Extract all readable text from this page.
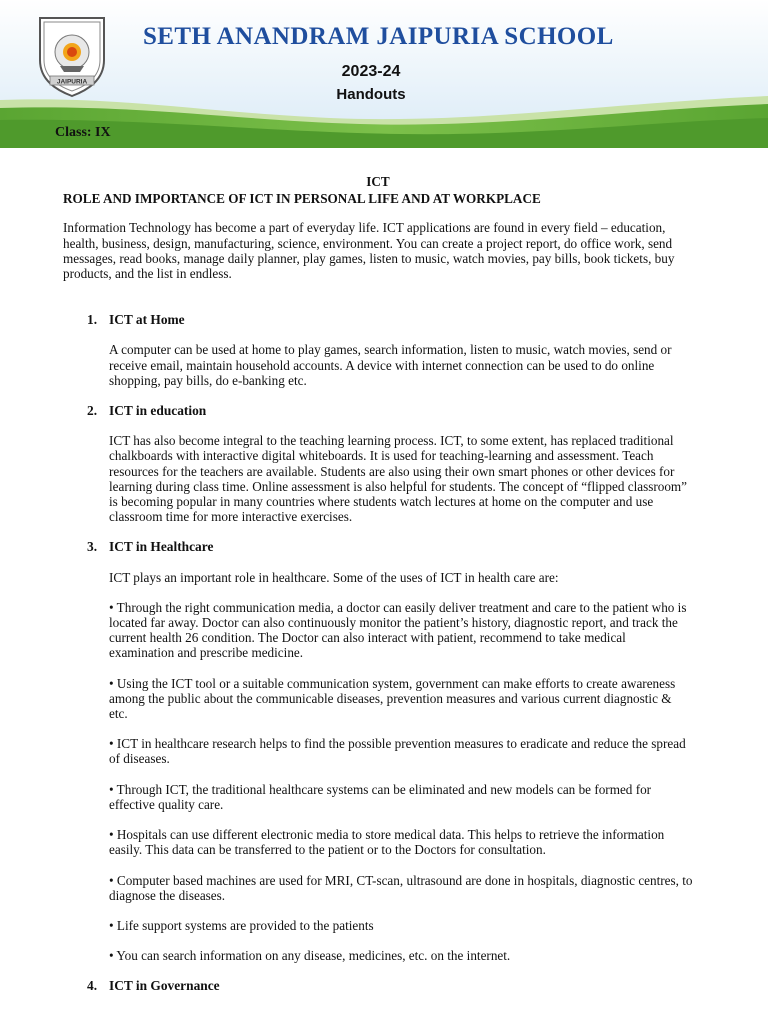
JAIPURIA
SETH ANANDRAM JAIPURIA SCHOOL
2023-24
Handouts
Class: IX

ICT

ROLE AND IMPORTANCE OF ICT IN PERSONAL LIFE AND AT WORKPLACE

Information Technology has become a part of everyday life. ICT applications are found in every field – education, health, business, design, manufacturing, science, environment. You can create a project report, do office work, send messages, read books, manage daily planner, play games, listen to music, watch movies, pay bills, book tickets, buy products, and the list in endless.

1. ICT at Home
A computer can be used at home to play games, search information, listen to music, watch movies, send or receive email, maintain household accounts. A device with internet connection can be used to do online shopping, pay bills, do e-banking etc.
2. ICT in education
ICT has also become integral to the teaching learning process. ICT, to some extent, has replaced traditional chalkboards with interactive digital whiteboards. It is used for teaching-learning and assessment. Teach resources for the teachers are available. Students are also using their own smart phones or other devices for learning during class time. Online assessment is also helpful for students. The concept of “flipped classroom” is becoming popular in many countries where students watch lectures at home on the computer and use classroom time for more interactive exercises.
3. ICT in Healthcare
ICT plays an important role in healthcare. Some of the uses of ICT in health care are:
• Through the right communication media, a doctor can easily deliver treatment and care to the patient who is located far away. Doctor can also continuously monitor the patient’s history, diagnostic report, and track the current health 26 condition. The Doctor can also interact with patient, recommend to take medical examination and prescribe medicine.
• Using the ICT tool or a suitable communication system, government can make efforts to create awareness among the public about the communicable diseases, prevention measures and various current diagnostic & etc.
• ICT in healthcare research helps to find the possible prevention measures to eradicate and reduce the spread of diseases.
• Through ICT, the traditional healthcare systems can be eliminated and new models can be formed for effective quality care.
• Hospitals can use different electronic media to store medical data. This helps to retrieve the information easily. This data can be transferred to the patient or to the Doctors for consultation.
• Computer based machines are used for MRI, CT-scan, ultrasound are done in hospitals, diagnostic centres, to diagnose the diseases.
• Life support systems are provided to the patients
• You can search information on any disease, medicines, etc. on the internet.
4. ICT in Governance
